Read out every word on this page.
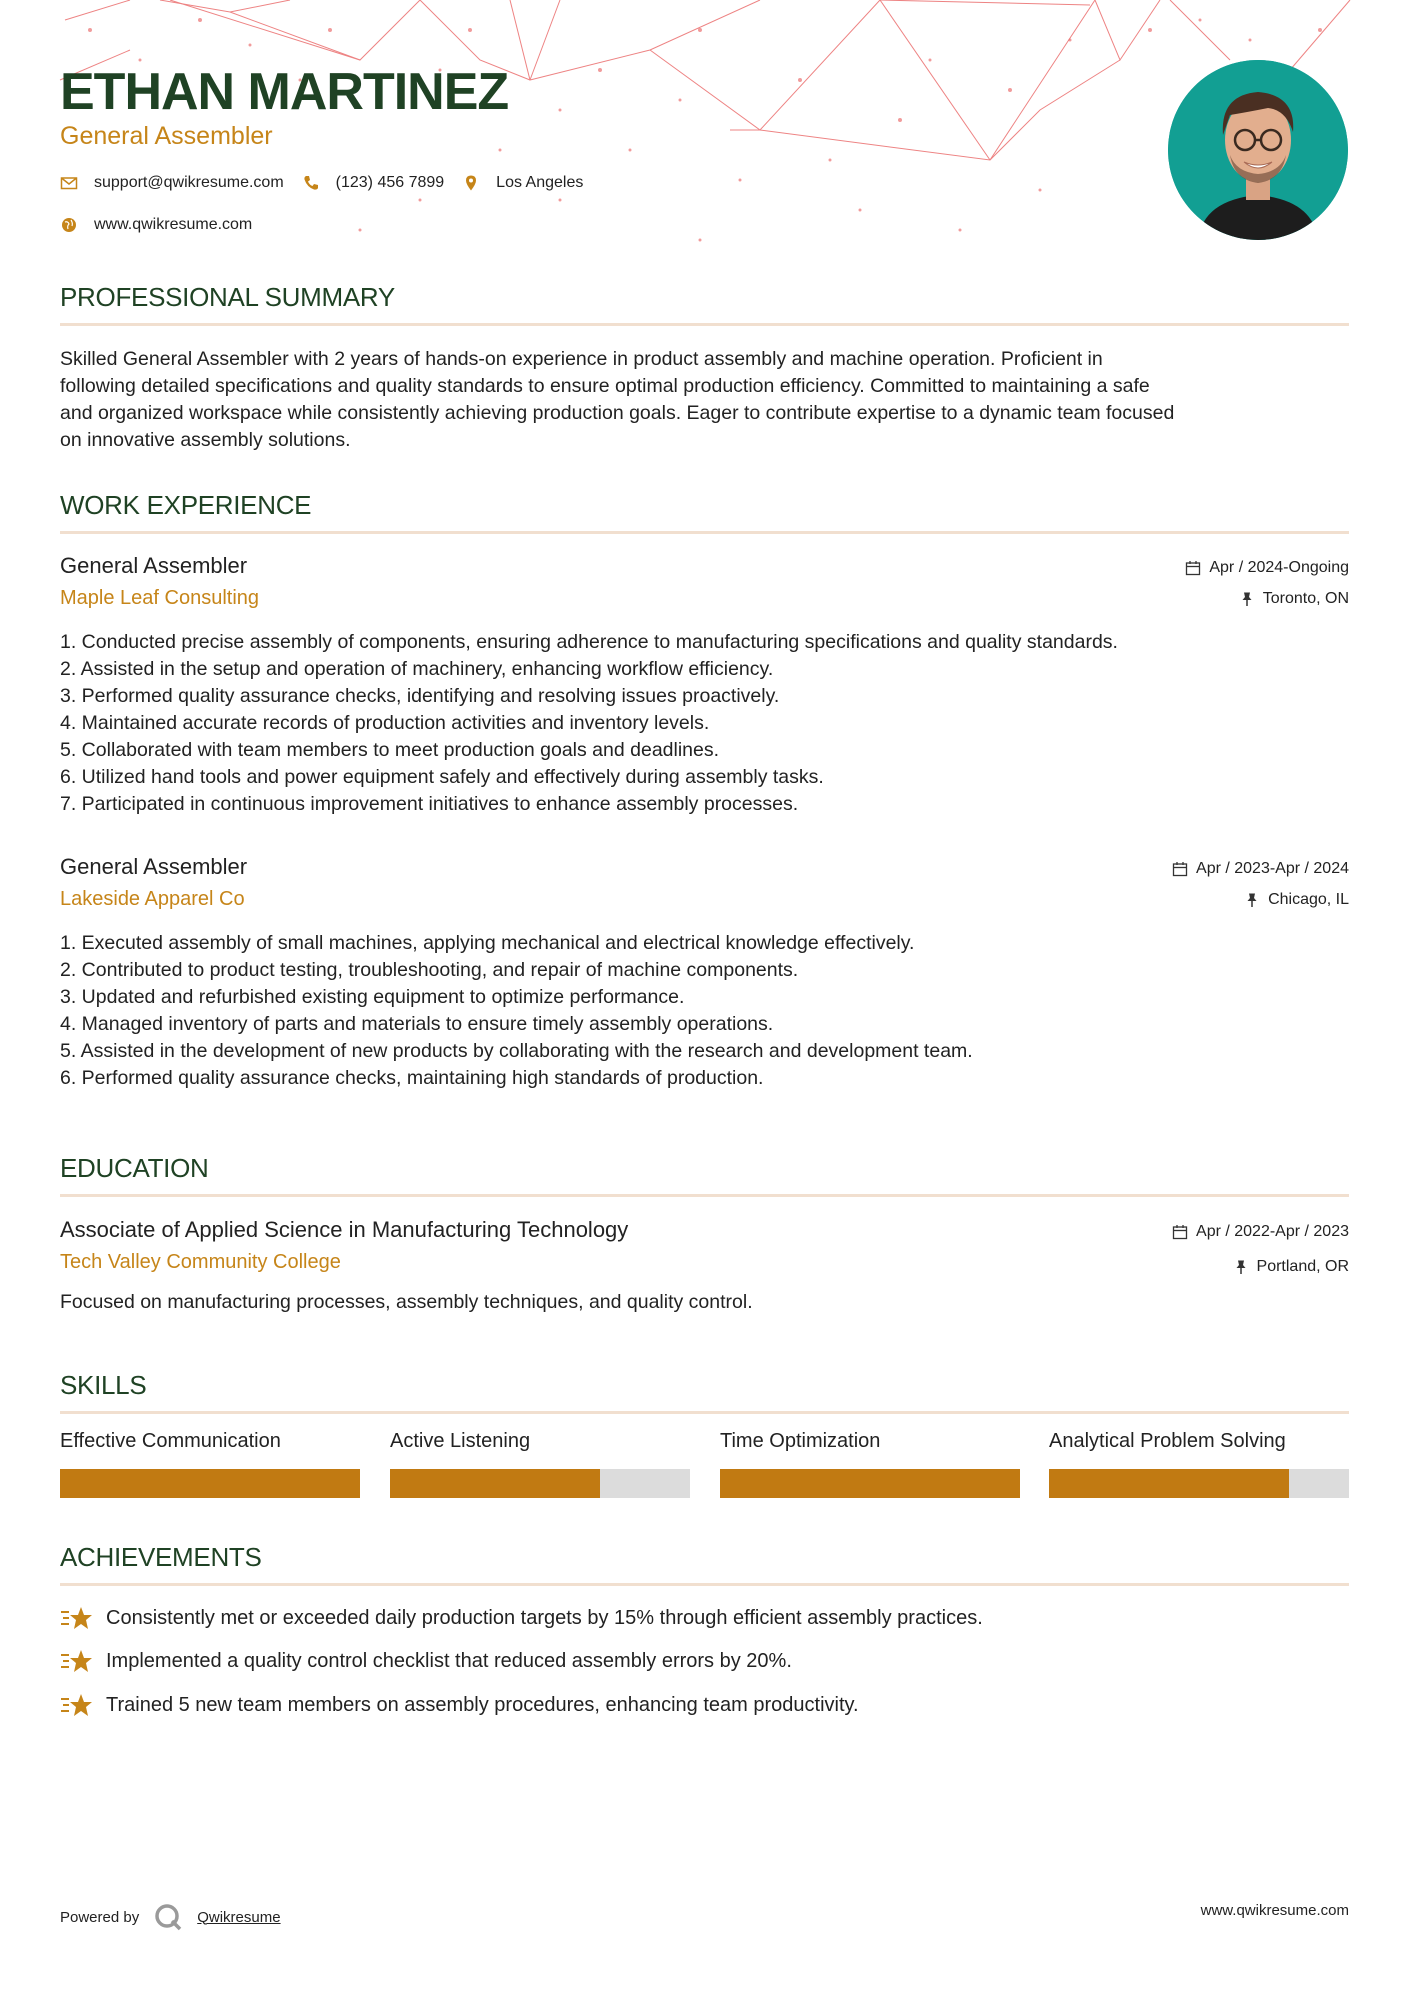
ETHAN MARTINEZ
General Assembler
support@qwikresume.com	(123) 456 7899	Los Angeles
www.qwikresume.com
PROFESSIONAL SUMMARY
Skilled General Assembler with 2 years of hands-on experience in product assembly and machine operation. Proficient in
following detailed specifications and quality standards to ensure optimal production efficiency. Committed to maintaining a safe
and organized workspace while consistently achieving production goals. Eager to contribute expertise to a dynamic team focused
on innovative assembly solutions.
WORK EXPERIENCE
General Assembler
Maple Leaf Consulting
Apr / 2024-Ongoing
Toronto, ON
1. Conducted precise assembly of components, ensuring adherence to manufacturing specifications and quality standards.
2. Assisted in the setup and operation of machinery, enhancing workflow efficiency.
3. Performed quality assurance checks, identifying and resolving issues proactively.
4. Maintained accurate records of production activities and inventory levels.
5. Collaborated with team members to meet production goals and deadlines.
6. Utilized hand tools and power equipment safely and effectively during assembly tasks.
7. Participated in continuous improvement initiatives to enhance assembly processes.
General Assembler
Lakeside Apparel Co
Apr / 2023-Apr / 2024
Chicago, IL
1. Executed assembly of small machines, applying mechanical and electrical knowledge effectively.
2. Contributed to product testing, troubleshooting, and repair of machine components.
3. Updated and refurbished existing equipment to optimize performance.
4. Managed inventory of parts and materials to ensure timely assembly operations.
5. Assisted in the development of new products by collaborating with the research and development team.
6. Performed quality assurance checks, maintaining high standards of production.
EDUCATION
Associate of Applied Science in Manufacturing Technology
Tech Valley Community College
Apr / 2022-Apr / 2023
Portland, OR
Focused on manufacturing processes, assembly techniques, and quality control.
SKILLS
Effective Communication	Active Listening	Time Optimization	Analytical Problem Solving
ACHIEVEMENTS
Consistently met or exceeded daily production targets by 15% through efficient assembly practices.
Implemented a quality control checklist that reduced assembly errors by 20%.
Trained 5 new team members on assembly procedures, enhancing team productivity.
Powered by	Qwikresume	www.qwikresume.com
